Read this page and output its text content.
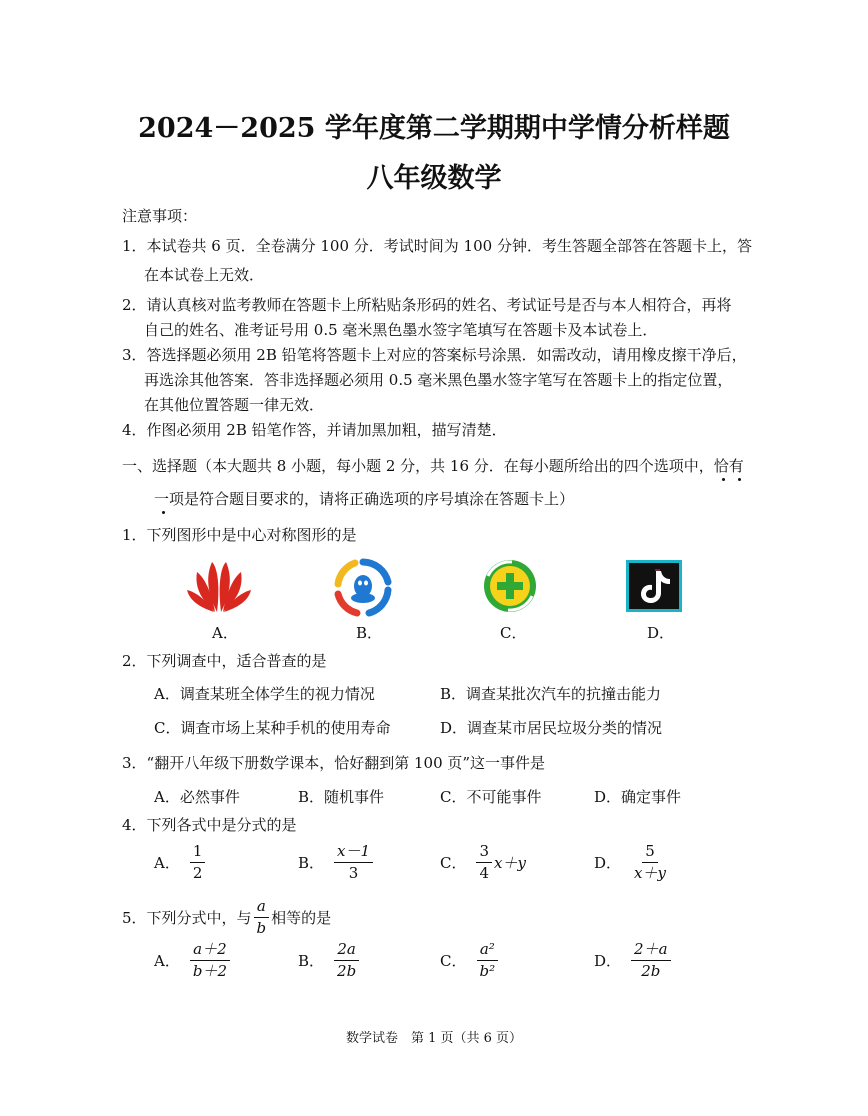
2024－2025 学年度第二学期期中学情分析样题
八年级数学
注意事项：
1．本试卷共 6 页．全卷满分 100 分．考试时间为 100 分钟．考生答题全部答在答题卡上，答
在本试卷上无效．
2．请认真核对监考教师在答题卡上所粘贴条形码的姓名、考试证号是否与本人相符合，再将
自己的姓名、准考证号用 0.5 毫米黑色墨水签字笔填写在答题卡及本试卷上．
3．答选择题必须用 2B 铅笔将答题卡上对应的答案标号涂黑．如需改动，请用橡皮擦干净后，
再选涂其他答案．答非选择题必须用 0.5 毫米黑色墨水签字笔写在答题卡上的指定位置，
在其他位置答题一律无效．
4．作图必须用 2B 铅笔作答，并请加黑加粗，描写清楚．
一、选择题（本大题共 8 小题，每小题 2 分，共 16 分．在每小题所给出的四个选项中，恰有
一项是符合题目要求的，请将正确选项的序号填涂在答题卡上）
1．下列图形中是中心对称图形的是
A．	B．	C．	D．
2．下列调查中，适合普查的是
A．调查某班全体学生的视力情况	B．调查某批次汽车的抗撞击能力
C．调查市场上某种手机的使用寿命	D．调查某市居民垃圾分类的情况
3．“翻开八年级下册数学课本，恰好翻到第 100 页”这一事件是
A．必然事件	B．随机事件	C．不可能事件	D．确定事件
4．下列各式中是分式的是
A． $\frac{1}{2}$	B． $\frac{x-1}{3}$	C． $\frac{3}{4} x+y$	D． $\frac{5}{x+y}$
5．下列分式中，与 $\frac{a}{b}$ 相等的是
A． $\frac{a+2}{b+2}$	B． $\frac{2a}{2b}$	C． $\frac{\text{a²}}{\text{b²}}$	D． $\frac{2+a}{2b}$
数学试卷　第 1 页（共 6 页）
